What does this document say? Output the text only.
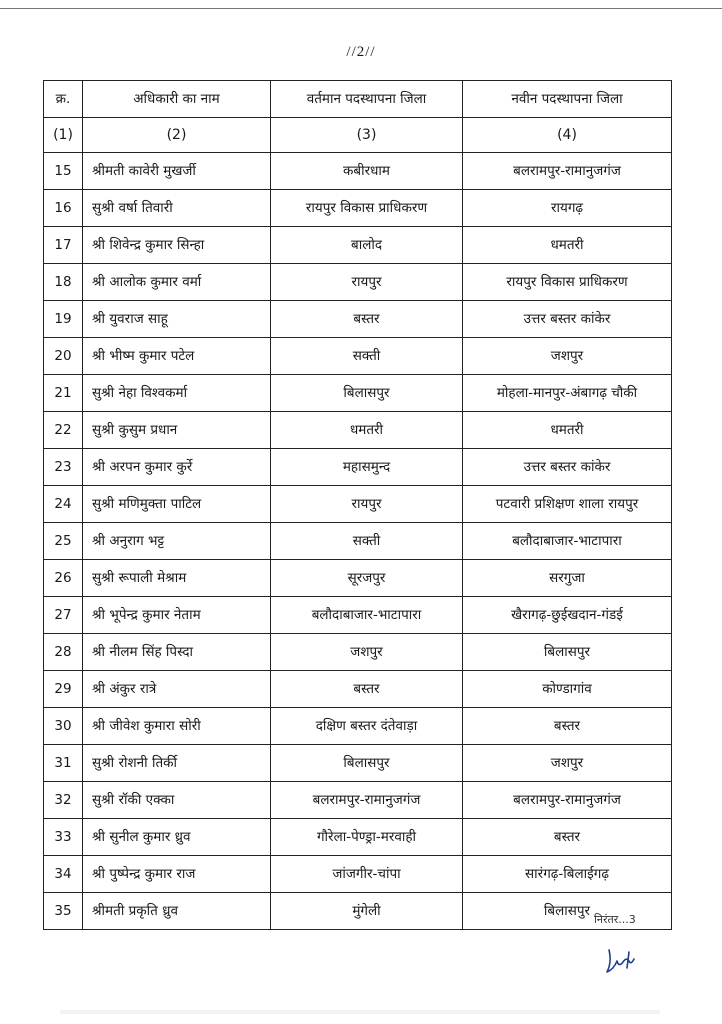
//2//
क्र.	अधिकारी का नाम	वर्तमान पदस्थापना जिला	नवीन पदस्थापना जिला
(1)	(2)	(3)	(4)
15	श्रीमती कावेरी मुखर्जी	कबीरधाम	बलरामपुर-रामानुजगंज
16	सुश्री वर्षा तिवारी	रायपुर विकास प्राधिकरण	रायगढ़
17	श्री शिवेन्द्र कुमार सिन्हा	बालोद	धमतरी
18	श्री आलोक कुमार वर्मा	रायपुर	रायपुर विकास प्राधिकरण
19	श्री युवराज साहू	बस्तर	उत्तर बस्तर कांकेर
20	श्री भीष्म कुमार पटेल	सक्ती	जशपुर
21	सुश्री नेहा विश्वकर्मा	बिलासपुर	मोहला-मानपुर-अंबागढ़ चौकी
22	सुश्री कुसुम प्रधान	धमतरी	धमतरी
23	श्री अरपन कुमार कुर्रे	महासमुन्द	उत्तर बस्तर कांकेर
24	सुश्री मणिमुक्ता पाटिल	रायपुर	पटवारी प्रशिक्षण शाला रायपुर
25	श्री अनुराग भट्ट	सक्ती	बलौदाबाजार-भाटापारा
26	सुश्री रूपाली मेश्राम	सूरजपुर	सरगुजा
27	श्री भूपेन्द्र कुमार नेताम	बलौदाबाजार-भाटापारा	खैरागढ़-छुईखदान-गंडई
28	श्री नीलम सिंह पिस्दा	जशपुर	बिलासपुर
29	श्री अंकुर रात्रे	बस्तर	कोण्डागांव
30	श्री जीवेश कुमारा सोरी	दक्षिण बस्तर दंतेवाड़ा	बस्तर
31	सुश्री रोशनी तिर्की	बिलासपुर	जशपुर
32	सुश्री रॉकी एक्का	बलरामपुर-रामानुजगंज	बलरामपुर-रामानुजगंज
33	श्री सुनील कुमार ध्रुव	गौरेला-पेण्ड्रा-मरवाही	बस्तर
34	श्री पुष्पेन्द्र कुमार राज	जांजगीर-चांपा	सारंगढ़-बिलाईगढ़
35	श्रीमती प्रकृति ध्रुव	मुंगेली	बिलासपुर
निरंतर...3
